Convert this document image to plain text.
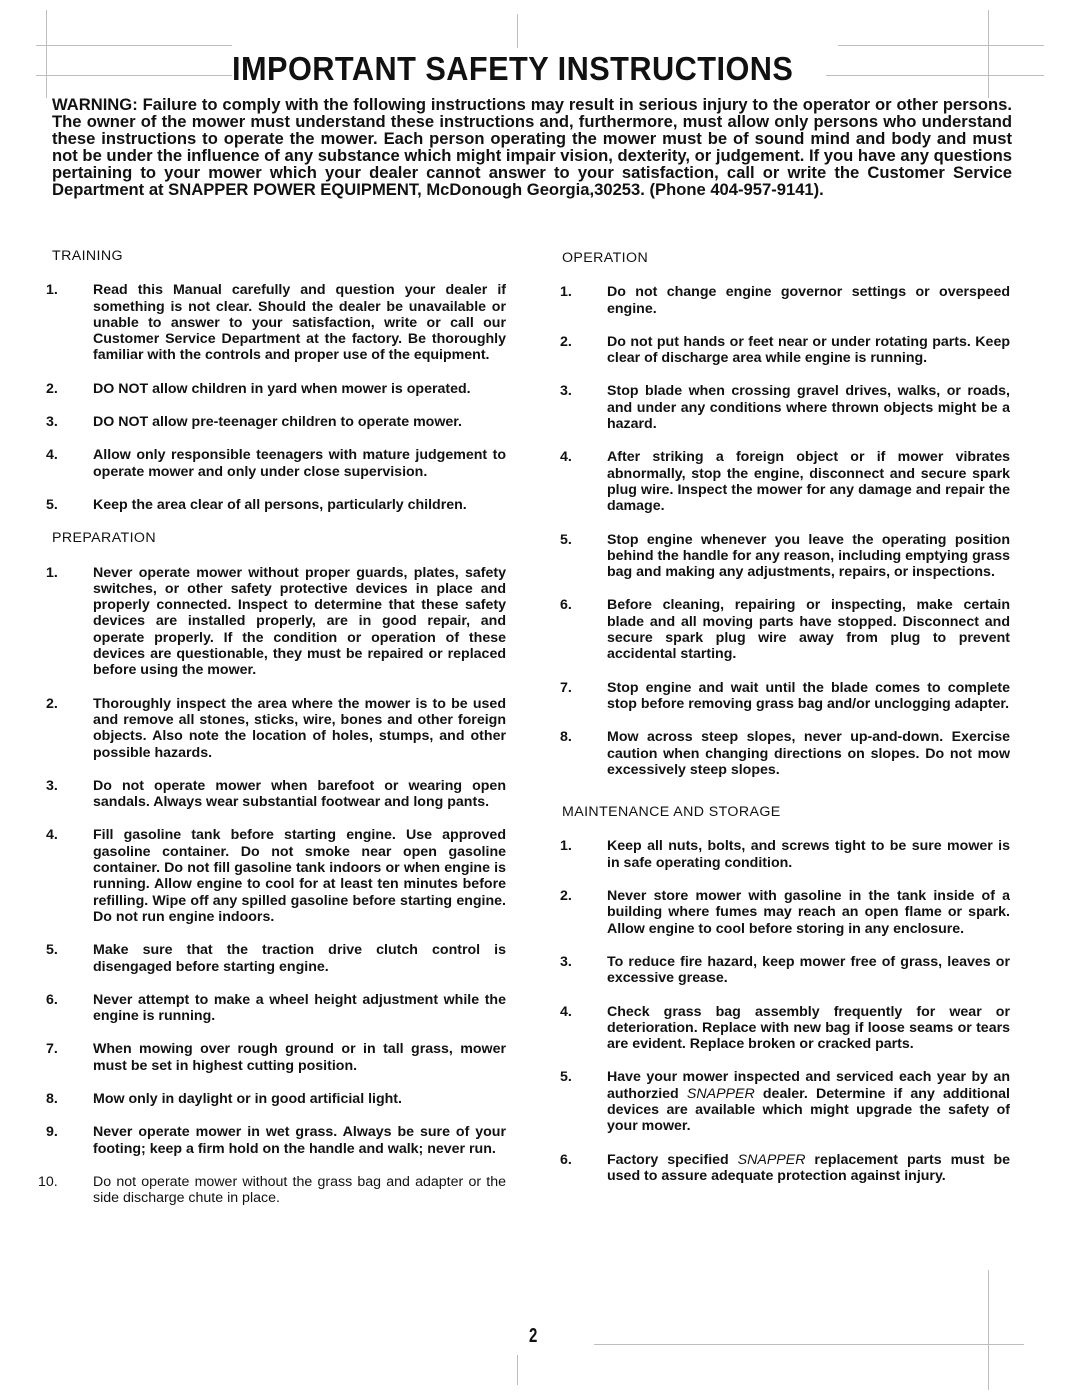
IMPORTANT SAFETY INSTRUCTIONS
WARNING: Failure to comply with the following instructions may result in serious injury to the operator or other persons. The owner of the mower must understand these instructions and, furthermore, must allow only persons who understand these instructions to operate the mower. Each person operating the mower must be of sound mind and body and must not be under the influence of any substance which might impair vision, dexterity, or judgement. If you have any questions pertaining to your mower which your dealer cannot answer to your satisfaction, call or write the Customer Service Department at SNAPPER POWER EQUIPMENT, McDonough Georgia,30253. (Phone 404-957-9141).
TRAINING
1.	Read this Manual carefully and question your dealer if something is not clear. Should the dealer be unavailable or unable to answer to your satisfaction, write or call our Customer Service Department at the factory. Be thoroughly familiar with the controls and proper use of the equipment.
2.	DO NOT allow children in yard when mower is operated.
3.	DO NOT allow pre-teenager children to operate mower.
4.	Allow only responsible teenagers with mature judgement to operate mower and only under close supervision.
5.	Keep the area clear of all persons, particularly children.
PREPARATION
1.	Never operate mower without proper guards, plates, safety switches, or other safety protective devices in place and properly connected. Inspect to determine that these safety devices are installed properly, are in good repair, and operate properly. If the condition or operation of these devices are questionable, they must be repaired or replaced before using the mower.
2.	Thoroughly inspect the area where the mower is to be used and remove all stones, sticks, wire, bones and other foreign objects. Also note the location of holes, stumps, and other possible hazards.
3.	Do not operate mower when barefoot or wearing open sandals. Always wear substantial footwear and long pants.
4.	Fill gasoline tank before starting engine. Use approved gasoline container. Do not smoke near open gasoline container. Do not fill gasoline tank indoors or when engine is running. Allow engine to cool for at least ten minutes before refilling. Wipe off any spilled gasoline before starting engine. Do not run engine indoors.
5.	Make sure that the traction drive clutch control is disengaged before starting engine.
6.	Never attempt to make a wheel height adjustment while the engine is running.
7.	When mowing over rough ground or in tall grass, mower must be set in highest cutting position.
8.	Mow only in daylight or in good artificial light.
9.	Never operate mower in wet grass. Always be sure of your footing; keep a firm hold on the handle and walk; never run.
10.	Do not operate mower without the grass bag and adapter or the side discharge chute in place.
OPERATION
1.	Do not change engine governor settings or overspeed engine.
2.	Do not put hands or feet near or under rotating parts. Keep clear of discharge area while engine is running.
3.	Stop blade when crossing gravel drives, walks, or roads, and under any conditions where thrown objects might be a hazard.
4.	After striking a foreign object or if mower vibrates abnormally, stop the engine, disconnect and secure spark plug wire. Inspect the mower for any damage and repair the damage.
5.	Stop engine whenever you leave the operating position behind the handle for any reason, including emptying grass bag and making any adjustments, repairs, or inspections.
6.	Before cleaning, repairing or inspecting, make certain blade and all moving parts have stopped. Disconnect and secure spark plug wire away from plug to prevent accidental starting.
7.	Stop engine and wait until the blade comes to complete stop before removing grass bag and/or unclogging adapter.
8.	Mow across steep slopes, never up-and-down. Exercise caution when changing directions on slopes. Do not mow excessively steep slopes.
MAINTENANCE AND STORAGE
1.	Keep all nuts, bolts, and screws tight to be sure mower is in safe operating condition.
2.	Never store mower with gasoline in the tank inside of a building where fumes may reach an open flame or spark. Allow engine to cool before storing in any enclosure.
3.	To reduce fire hazard, keep mower free of grass, leaves or excessive grease.
4.	Check grass bag assembly frequently for wear or deterioration. Replace with new bag if loose seams or tears are evident. Replace broken or cracked parts.
5.	Have your mower inspected and serviced each year by an authorzied SNAPPER dealer. Determine if any additional devices are available which might upgrade the safety of your mower.
6.	Factory specified SNAPPER replacement parts must be used to assure adequate protection against injury.
2
